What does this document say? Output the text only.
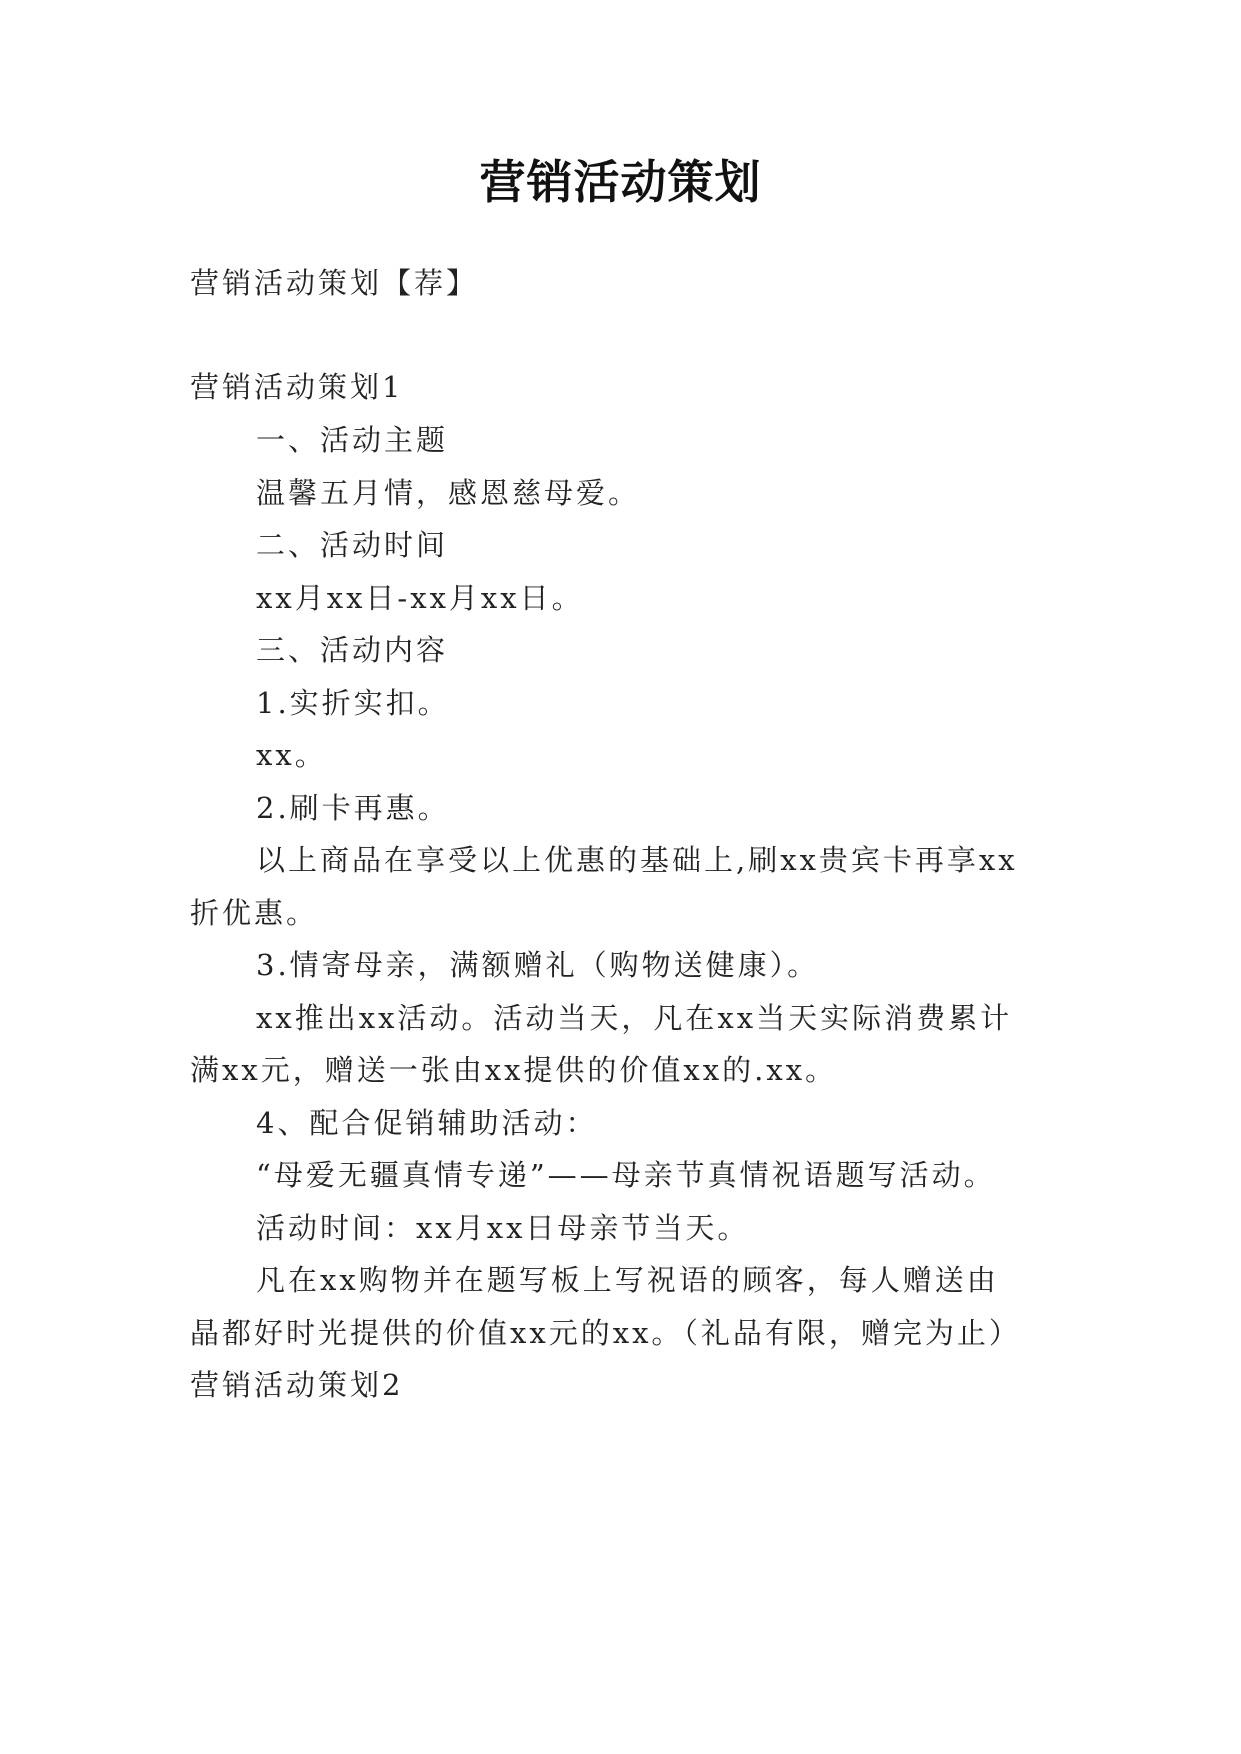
营销活动策划
营销活动策划【荐】
营销活动策划1
一、活动主题
温馨五月情，感恩慈母爱。
二、活动时间
xx月xx日-xx月xx日。
三、活动内容
1.实折实扣。
xx。
2.刷卡再惠。
以上商品在享受以上优惠的基础上,刷xx贵宾卡再享xx
折优惠。
3.情寄母亲，满额赠礼（购物送健康）。
xx推出xx活动。活动当天，凡在xx当天实际消费累计
满xx元，赠送一张由xx提供的价值xx的.xx。
4、配合促销辅助活动：
“母爱无疆真情专递”——母亲节真情祝语题写活动。
活动时间：xx月xx日母亲节当天。
凡在xx购物并在题写板上写祝语的顾客，每人赠送由
晶都好时光提供的价值xx元的xx。（礼品有限，赠完为止）
营销活动策划2
